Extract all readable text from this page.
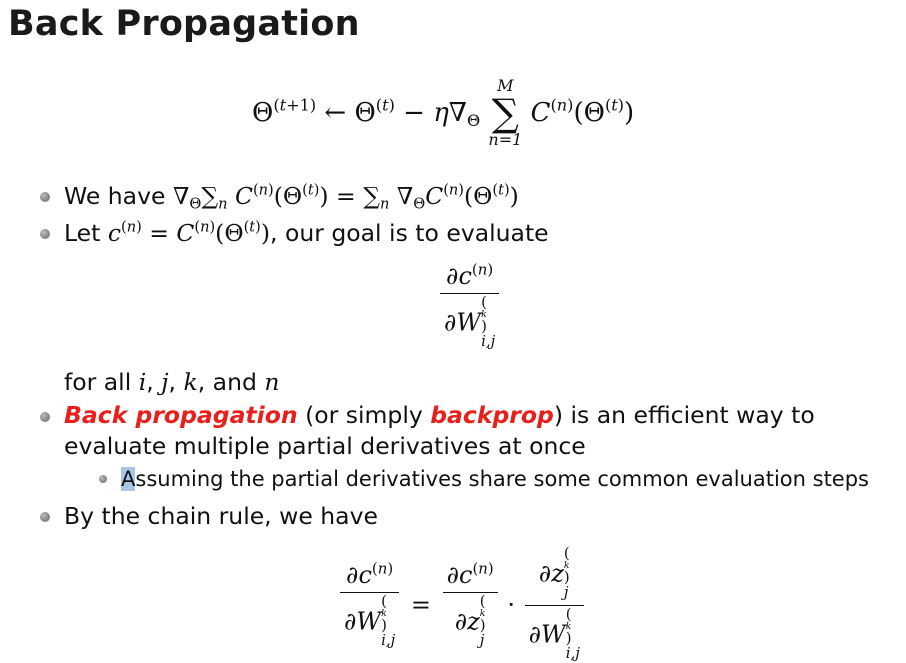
Back Propagation
$\Theta^{(t+1)}$ ← $\Theta^{(t)} - \eta\nabla_\Theta$
M
∑
n=1
$C^{(n)}(\Theta^{(t)})$
We have $\nabla_\Theta\sum_n$ $C^{(n)}(\Theta^{(t)}) = \sum_n$ $\nabla_\Theta C^{(n)}(\Theta^{(t)})$
Let $c^{(n)} = C^{(n)}(\Theta^{(t)})$, our goal is to evaluate
$\partial c^{(n)}$
∂W
(
k
)
i,j
for all i, j, k, and n
Back propagation (or simply backprop) is an efficient way to
evaluate multiple partial derivatives at once
Assuming the partial derivatives share some common evaluation steps
By the chain rule, we have
$\partial c^{(n)}$
∂W
(
k
)
$i,j = \partial c^{(n)}$
∂z
(
k
)
j · ∂z
(
k
)
j
∂W
(
k
)
i,j
